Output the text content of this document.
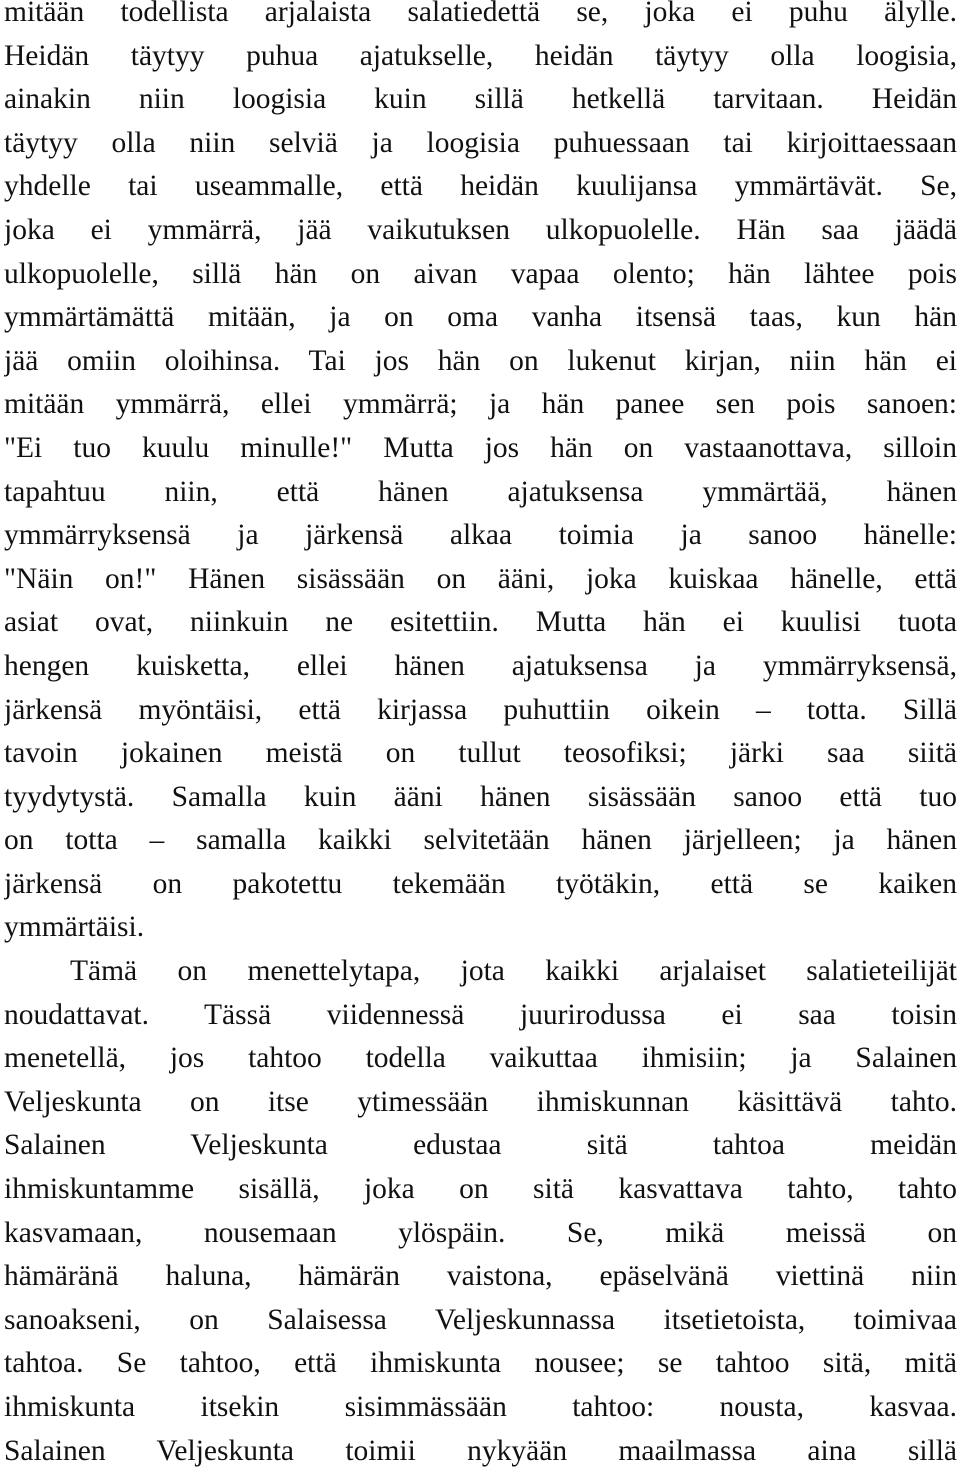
mitään todellista arjalaista salatiedettä se, joka ei puhu älylle.
Heidän täytyy puhua ajatukselle, heidän täytyy olla loogisia,
ainakin niin loogisia kuin sillä hetkellä tarvitaan. Heidän
täytyy olla niin selviä ja loogisia puhuessaan tai kirjoittaessaan
yhdelle tai useammalle, että heidän kuulijansa ymmärtävät. Se,
joka ei ymmärrä, jää vaikutuksen ulkopuolelle. Hän saa jäädä
ulkopuolelle, sillä hän on aivan vapaa olento; hän lähtee pois
ymmärtämättä mitään, ja on oma vanha itsensä taas, kun hän
jää omiin oloihinsa. Tai jos hän on lukenut kirjan, niin hän ei
mitään ymmärrä, ellei ymmärrä; ja hän panee sen pois sanoen:
"Ei tuo kuulu minulle!" Mutta jos hän on vastaanottava, silloin
tapahtuu niin, että hänen ajatuksensa ymmärtää, hänen
ymmärryksensä ja järkensä alkaa toimia ja sanoo hänelle:
"Näin on!" Hänen sisässään on ääni, joka kuiskaa hänelle, että
asiat ovat, niinkuin ne esitettiin. Mutta hän ei kuulisi tuota
hengen kuisketta, ellei hänen ajatuksensa ja ymmärryksensä,
järkensä myöntäisi, että kirjassa puhuttiin oikein – totta. Sillä
tavoin jokainen meistä on tullut teosofiksi; järki saa siitä
tyydytystä. Samalla kuin ääni hänen sisässään sanoo että tuo
on totta – samalla kaikki selvitetään hänen järjelleen; ja hänen
järkensä on pakotettu tekemään työtäkin, että se kaiken
ymmärtäisi.
Tämä on menettelytapa, jota kaikki arjalaiset salatieteilijät
noudattavat. Tässä viidennessä juurirodussa ei saa toisin
menetellä, jos tahtoo todella vaikuttaa ihmisiin; ja Salainen
Veljeskunta on itse ytimessään ihmiskunnan käsittävä tahto.
Salainen Veljeskunta edustaa sitä tahtoa meidän
ihmiskuntamme sisällä, joka on sitä kasvattava tahto, tahto
kasvamaan, nousemaan ylöspäin. Se, mikä meissä on
hämäränä haluna, hämärän vaistona, epäselvänä viettinä niin
sanoakseni, on Salaisessa Veljeskunnassa itsetietoista, toimivaa
tahtoa. Se tahtoo, että ihmiskunta nousee; se tahtoo sitä, mitä
ihmiskunta itsekin sisimmässään tahtoo: nousta, kasvaa.
Salainen Veljeskunta toimii nykyään maailmassa aina sillä
